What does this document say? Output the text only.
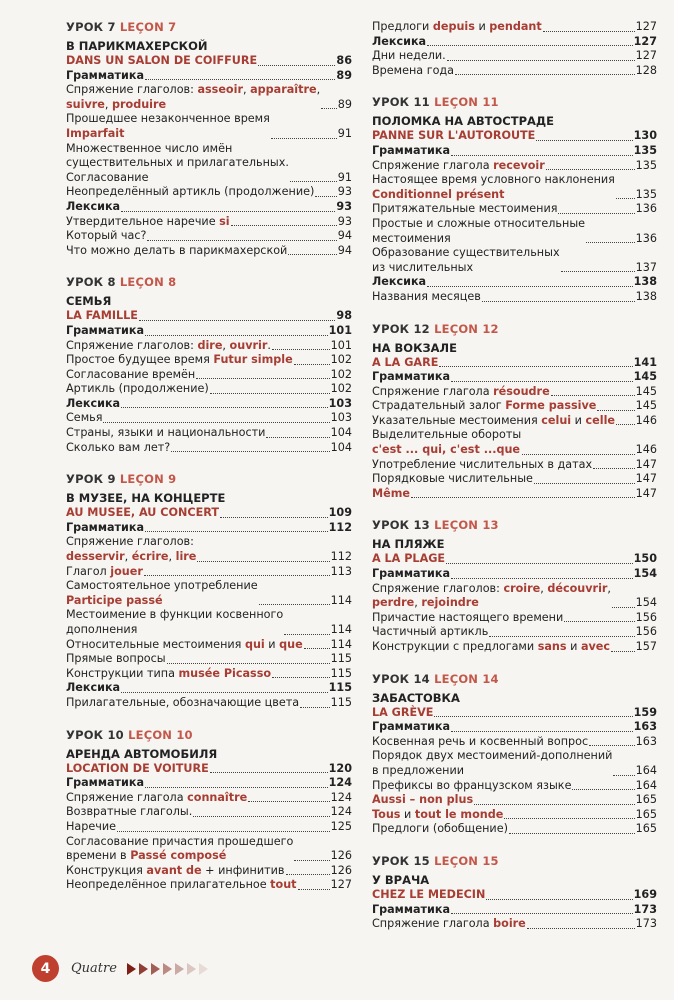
УРОК 7 LEÇON 7
В ПАРИКМАХЕРСКОЙ
DANS UN SALON DE COIFFURE	86
Грамматика	89
Спряжение глаголов: asseoir, apparaître,
suivre, produire	89
Прошедшее незаконченное время
Imparfait	91
Множественное число имён
существительных и прилагательных.
Согласование	91
Неопределённый артикль (продолжение) 93
Лексика	93
Утвердительное наречие si	93
Который час?	94
Что можно делать в парикмахерской	94
УРОК 8 LEÇON 8
СЕМЬЯ
LA FAMILLE	98
Грамматика	101
Спряжение глаголов: dire, ouvrir.	101
Простое будущее время Futur simple	102
Согласование времён	102
Артикль (продолжение)	102
Лексика	103
Семья	103
Страны, языки и национальности	104
Сколько вам лет?	104
УРОК 9 LEÇON 9
В МУЗЕЕ, НА КОНЦЕРТЕ
AU MUSEE, AU CONCERT	109
Грамматика	112
Спряжение глаголов:
desservir, écrire, lire	112
Глагол jouer	113
Самостоятельное употребление
Participe passé	114
Местоимение в функции косвенного
дополнения	114
Относительные местоимения qui и que 114
Прямые вопросы	115
Конструкции типа musée Picasso	115
Лексика	115
Прилагательные, обозначающие цвета	115
УРОК 10 LEÇON 10
АРЕНДА АВТОМОБИЛЯ
LOCATION DE VOITURE	120
Грамматика	124
Спряжение глагола connaître	124
Возвратные глаголы.	124
Наречие	125
Согласование причастия прошедшего
времени в Passé composé	126
Конструкция avant de + инфинитив	126
Неопределённое прилагательное tout	127
Предлоги depuis и pendant	127
Лексика	127
Дни недели.	127
Времена года	128
УРОК 11 LEÇON 11
ПОЛОМКА НА АВТОСТРАДЕ
PANNE SUR L'AUTOROUTE	130
Грамматика	135
Спряжение глагола recevoir	135
Настоящее время условного наклонения
Conditionnel présent	135
Притяжательные местоимения	136
Простые и сложные относительные
местоимения	136
Образование существительных
из числительных	137
Лексика	138
Названия месяцев	138
УРОК 12 LEÇON 12
НА ВОКЗАЛЕ
A LA GARE	141
Грамматика	145
Спряжение глагола résoudre	145
Страдательный залог Forme passive	145
Указательные местоимения celui и celle 146
Выделительные обороты
c'est ... qui, c'est ...que	146
Употребление числительных в датах	147
Порядковые числительные	147
Même	147
УРОК 13 LEÇON 13
НА ПЛЯЖЕ
A LA PLAGE	150
Грамматика	154
Спряжение глаголов: croire, découvrir,
perdre, rejoindre	154
Причастие настоящего времени	156
Частичный артикль	156
Конструкции с предлогами sans и avec 157
УРОК 14 LEÇON 14
ЗАБАСТОВКА
LA GRÈVE	159
Грамматика	163
Косвенная речь и косвенный вопрос	163
Порядок двух местоимений-дополнений
в предложении	164
Префиксы во французском языке	164
Aussi – non plus	165
Tous и tout le monde	165
Предлоги (обобщение)	165
УРОК 15 LEÇON 15
У ВРАЧА
CHEZ LE MEDECIN	169
Грамматика	173
Спряжение глагола boire	173
4	Quatre
